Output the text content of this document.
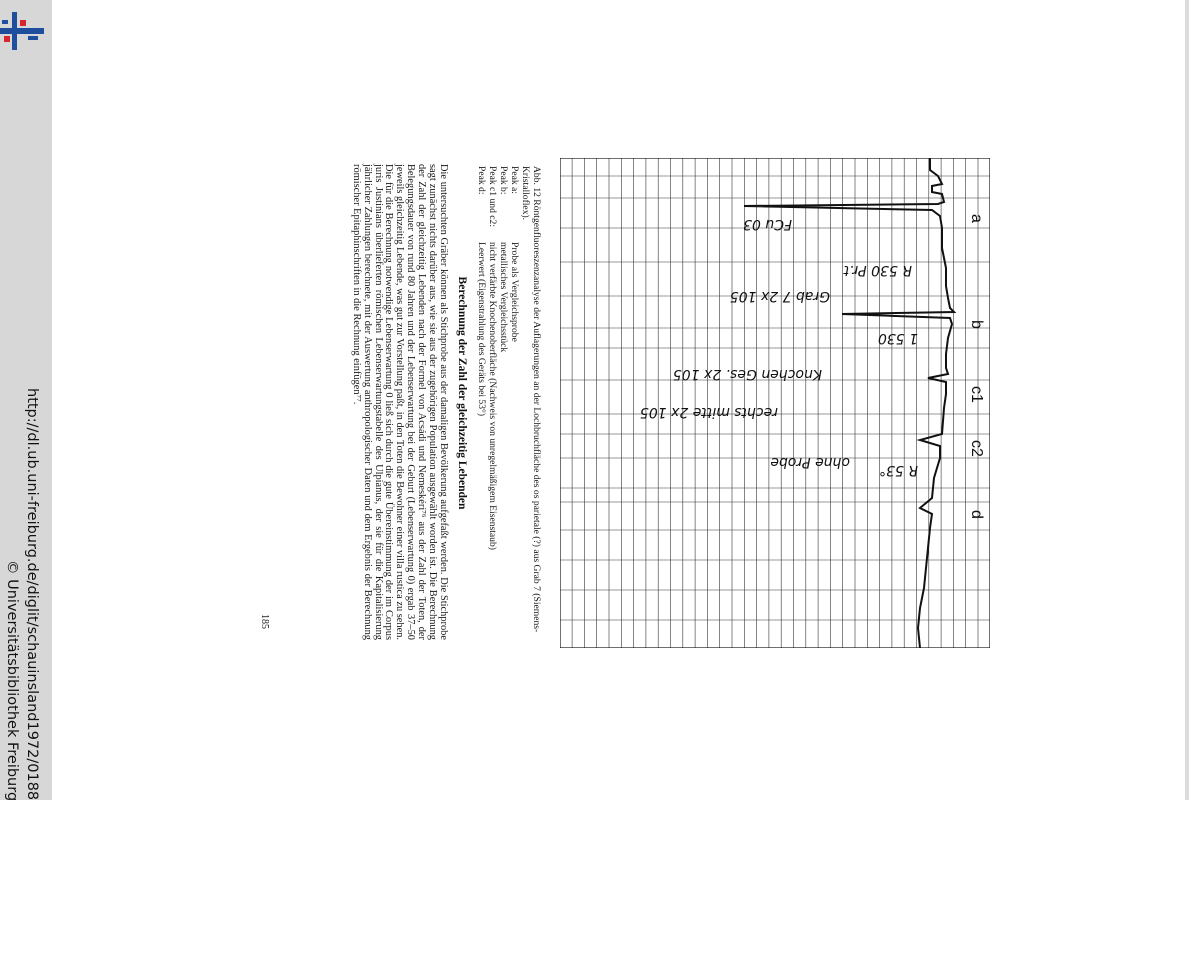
http://dl.ub.uni-freiburg.de/diglit/schauinsland1972/0188
© Universitätsbibliothek Freiburg
a
b
c1
c2
d
R 530 Pr.t
1 530
R 53°
ohne Probe
Knochen Ges. 2x 105
Grab 7 2x 105
FCu 03
rechts mitte 2x 105
Abb. 12 Röntgenfluoreszenzanalyse der Auflagerungen an der Lochbruchfläche des os parietale (?) aus Grab 7 (Siemens-Kristalloflex).
Peak a:
Probe als Vergleichsprobe
Peak b:
metallisches Vergleichsstück
Peak c1 und c2:
nicht verfärbte Knochenoberfläche (Nachweis von unregelmäßigem Eisenstaub)
Peak d:
Leerwert (Eigenstrahlung des Geräts bei 53°)
Berechnung der Zahl der gleichzeitig Lebenden
Die untersuchten Gräber können als Stichprobe aus der damaligen Bevölkerung aufgefaßt werden. Die Stichprobe sagt zunächst nichts darüber aus, wie sie aus der zugehörigen Population ausgewählt worden ist. Die Berechnung der Zahl der gleichzeitig Lebenden nach der Formel von Acsádi und Nemeskéri⁷⁶ aus der Zahl der Toten, der Belegungsdauer von rund 80 Jahren und der Lebenserwartung bei der Geburt (Lebenserwartung 0) ergab 37–50 jeweils gleichzeitig Lebende, was gut zur Vorstellung paßt, in den Toten die Bewohner einer villa rustica zu sehen. Die für die Berechnung notwendige Lebenserwartung 0 ließ sich durch die gute Übereinstimmung der im Corpus juris Justinians überlieferten römischen Lebenserwartungstabelle des Ulpianus, der sie für die Kapitalisierung jährlicher Zahlungen berechnete, mit der Auswertung anthropologischer Daten und dem Ergebnis der Berechnung römischer Epitaphinschriften in die Rechnung einfügen⁷⁷.
185
